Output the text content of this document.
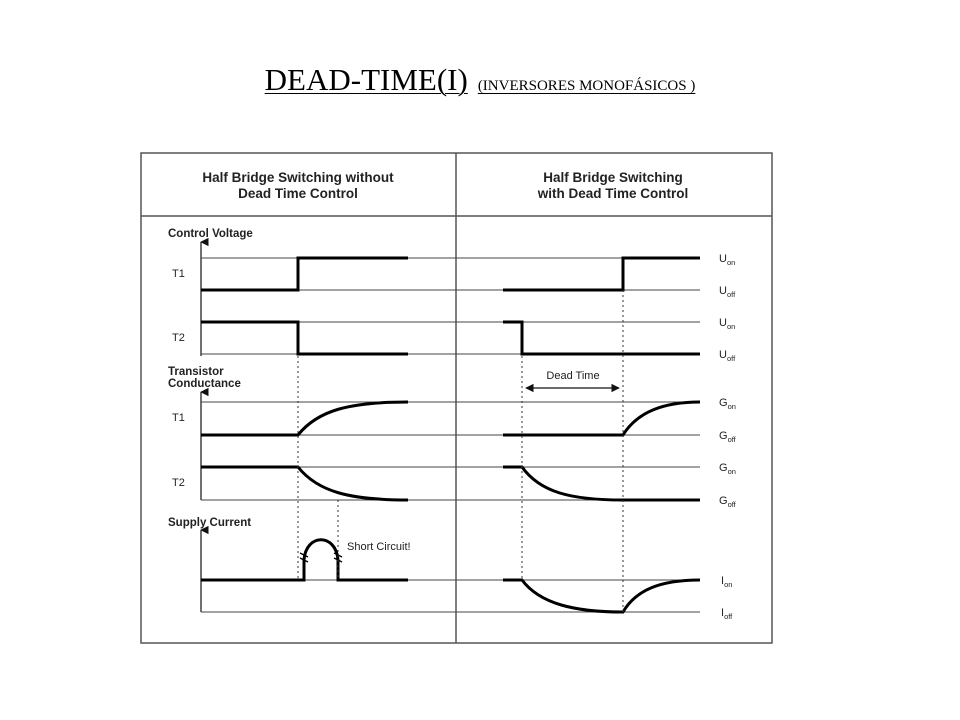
DEAD-TIME(I) (INVERSORES MONOFÁSICOS )
Half Bridge Switching without
Dead Time Control
Half Bridge Switching
with Dead Time Control
Control Voltage
Transistor
Conductance
Supply Current
T1
T2
T1
T2
$U_{on}$
$U_{off}$
$U_{on}$
$U_{off}$
$G_{on}$
$G_{off}$
$G_{on}$
$G_{off}$
$I_{on}$
$I_{off}$
Short Circuit!
Dead Time
